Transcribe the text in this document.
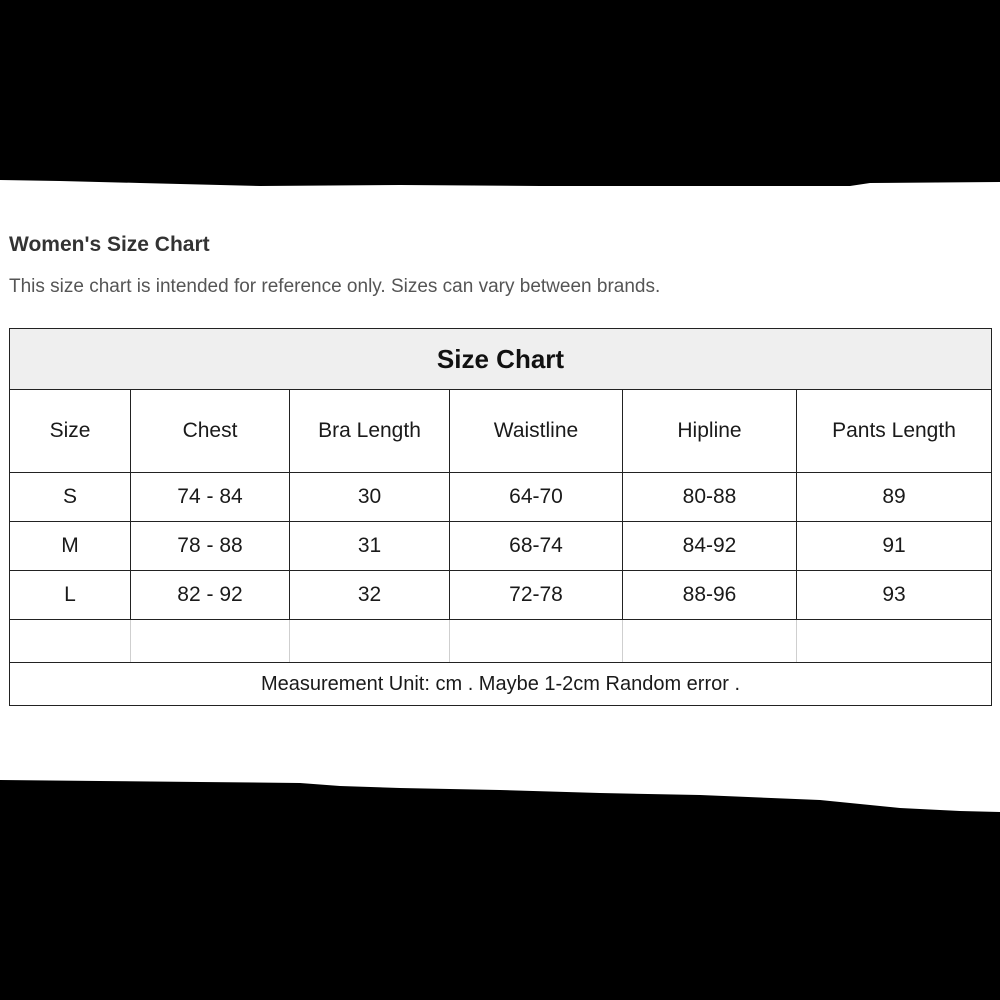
Women's Size Chart

This size chart is intended for reference only. Sizes can vary between brands.

Size Chart					
Size	Chest	Bra Length	Waistline	Hipline	Pants Length
S	74 - 84	30	64-70	80-88	89
M	78 - 88	31	68-74	84-92	91
L	82 - 92	32	72-78	88-96	93

Measurement Unit: cm . Maybe 1-2cm Random error .					
